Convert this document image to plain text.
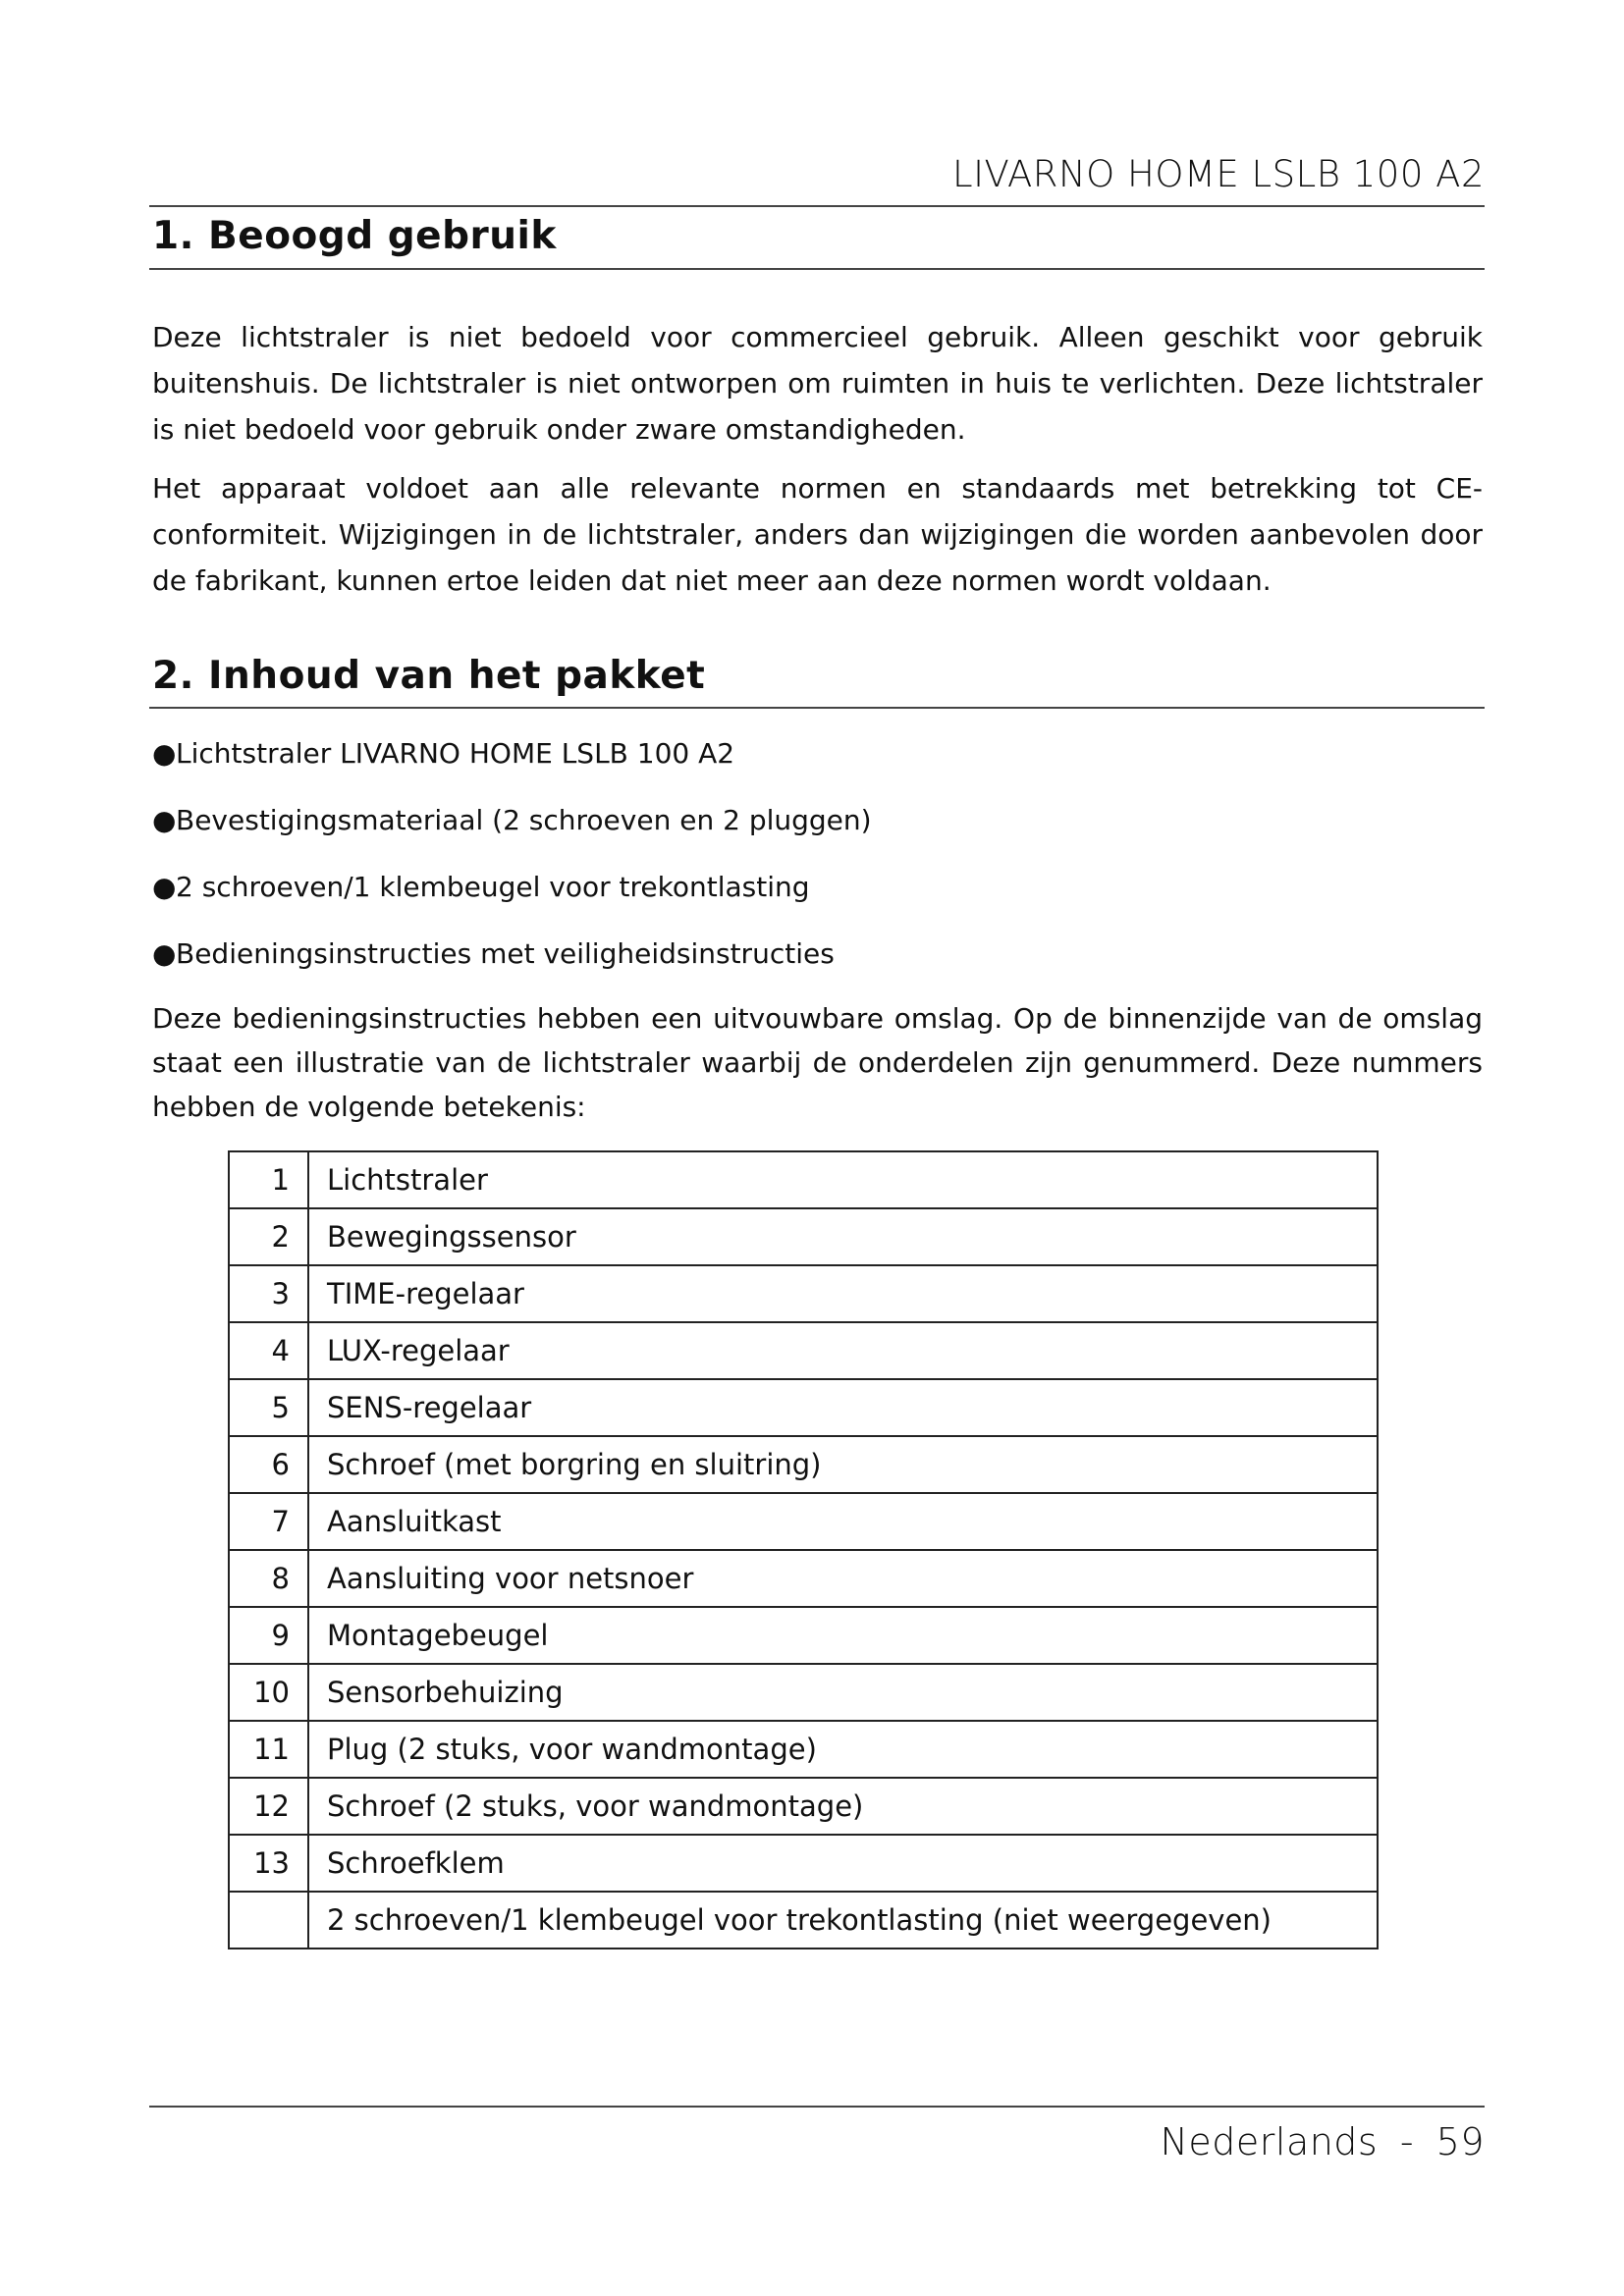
LIVARNO HOME LSLB 100 A2
1. Beoogd gebruik

Deze lichtstraler is niet bedoeld voor commercieel gebruik. Alleen geschikt voor gebruik buitenshuis. De lichtstraler is niet ontworpen om ruimten in huis te verlichten. Deze lichtstraler is niet bedoeld voor gebruik onder zware omstandigheden.

Het apparaat voldoet aan alle relevante normen en standaards met betrekking tot CE-conformiteit. Wijzigingen in de lichtstraler, anders dan wijzigingen die worden aanbevolen door de fabrikant, kunnen ertoe leiden dat niet meer aan deze normen wordt voldaan.

2. Inhoud van het pakket
●Lichtstraler LIVARNO HOME LSLB 100 A2
●Bevestigingsmateriaal (2 schroeven en 2 pluggen)
●2 schroeven/1 klembeugel voor trekontlasting
●Bedieningsinstructies met veiligheidsinstructies

Deze bedieningsinstructies hebben een uitvouwbare omslag. Op de binnenzijde van de omslag staat een illustratie van de lichtstraler waarbij de onderdelen zijn genummerd. Deze nummers hebben de volgende betekenis:

1	Lichtstraler
2	Bewegingssensor
3	TIME-regelaar
4	LUX-regelaar
5	SENS-regelaar
6	Schroef (met borgring en sluitring)
7	Aansluitkast
8	Aansluiting voor netsnoer
9	Montagebeugel
10	Sensorbehuizing
11	Plug (2 stuks, voor wandmontage)
12	Schroef (2 stuks, voor wandmontage)
13	Schroefklem
	2 schroeven/1 klembeugel voor trekontlasting (niet weergegeven)
Nederlands - 59
